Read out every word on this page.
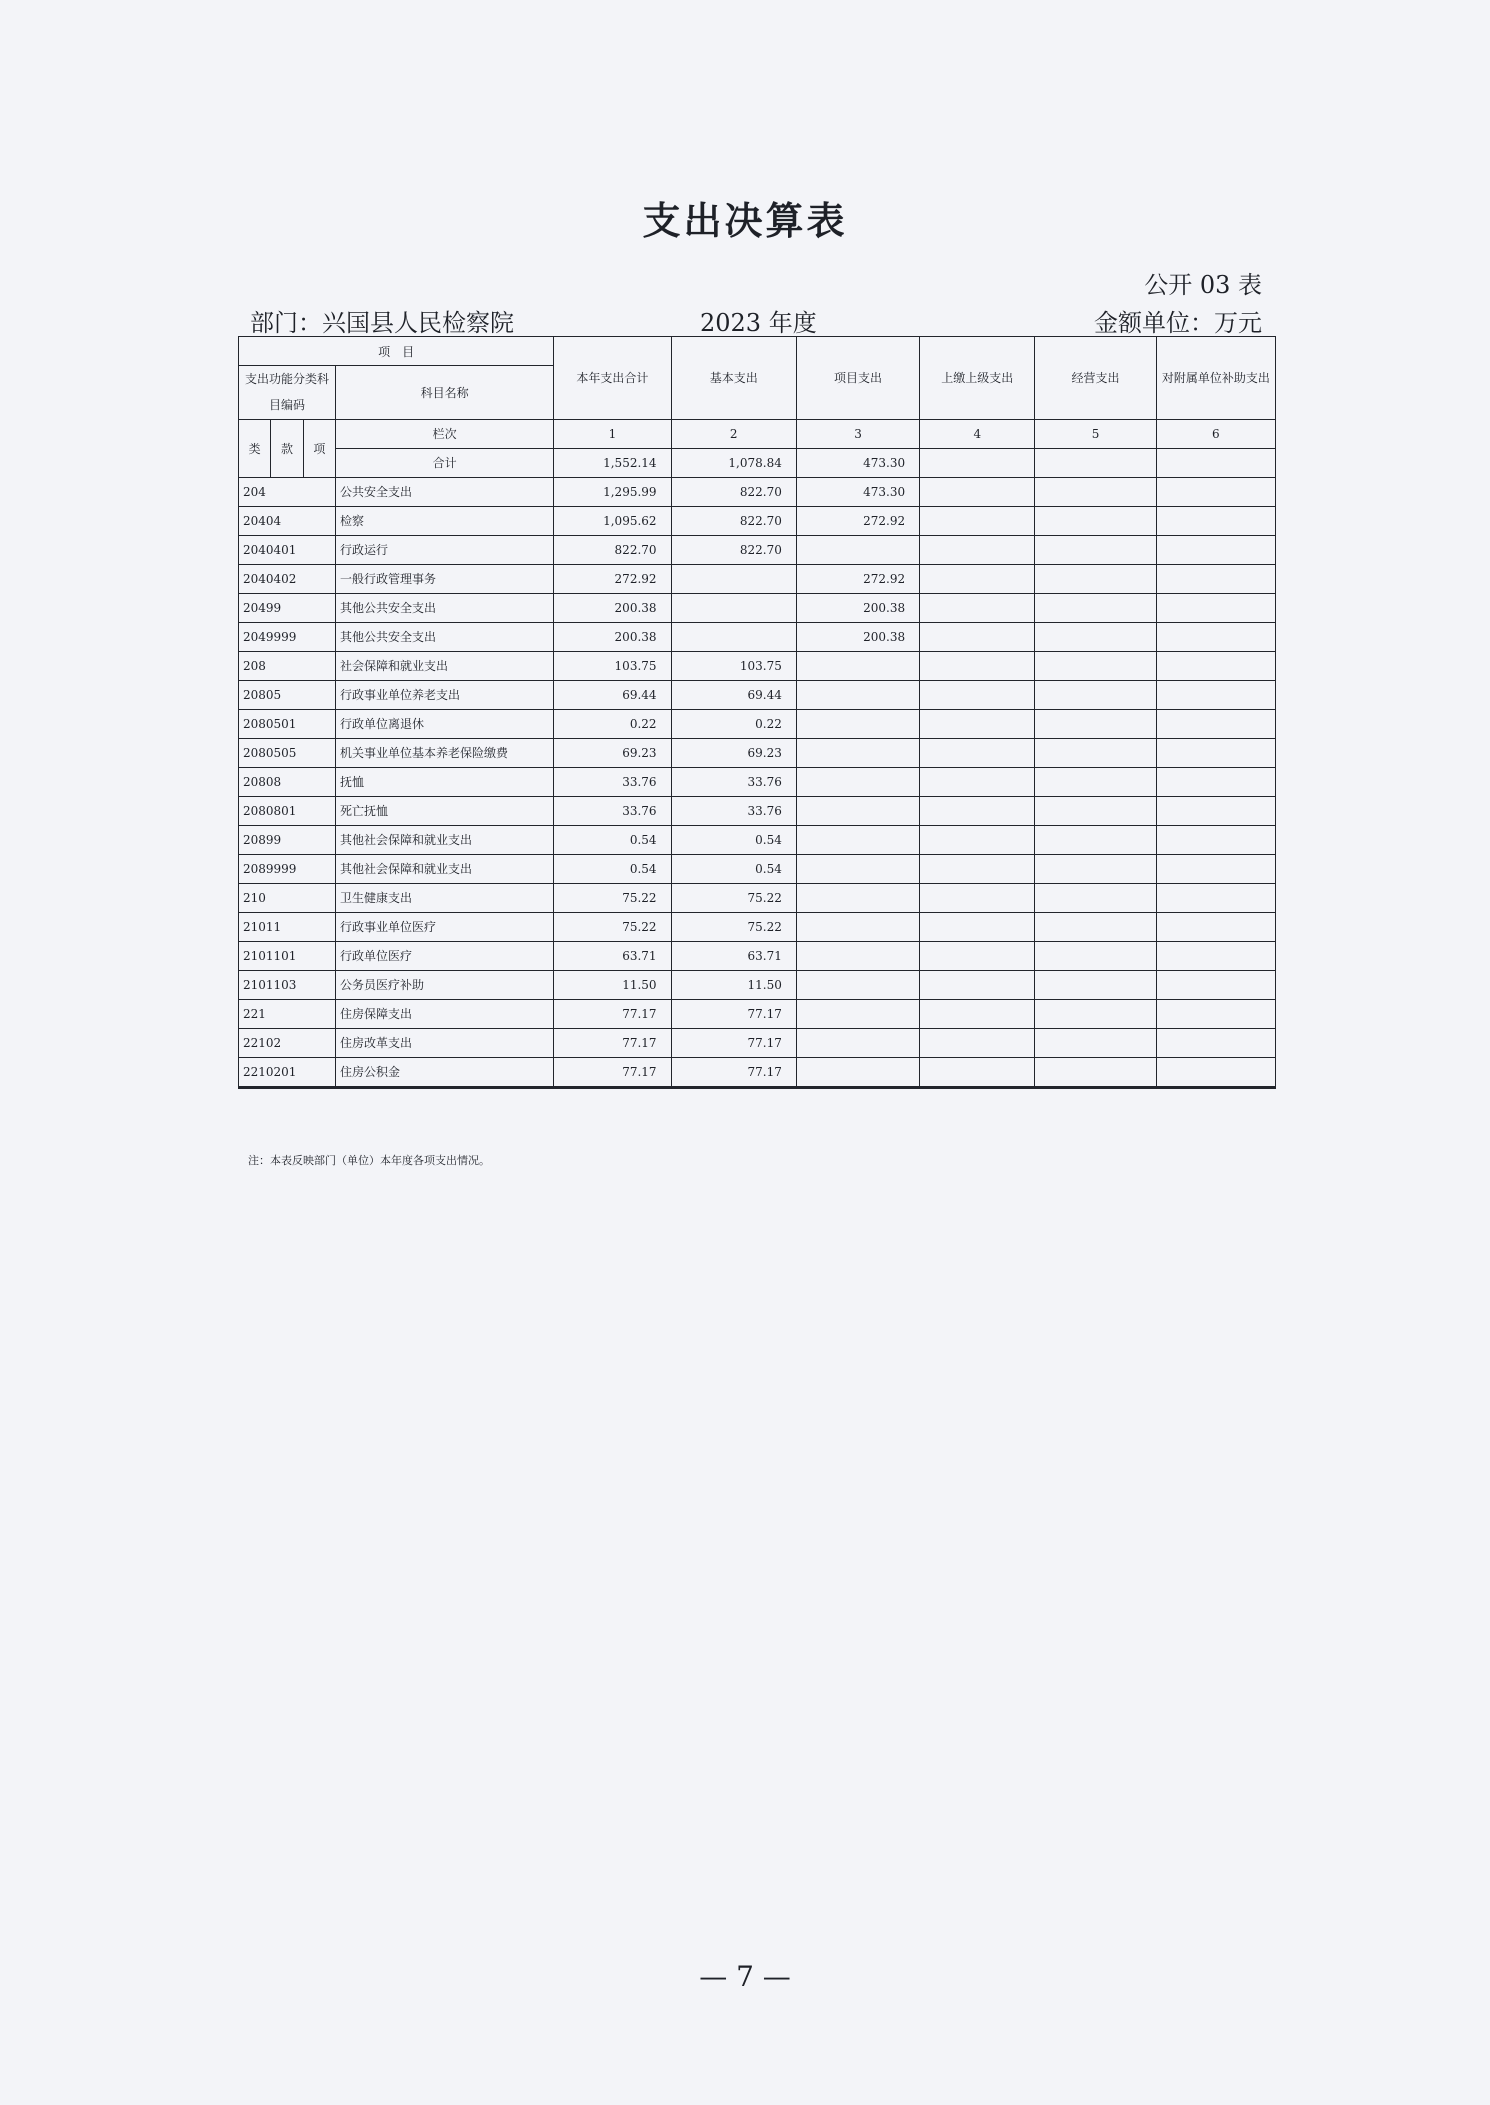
支出决算表
公开 03 表
部门：兴国县人民检察院	2023 年度	金额单位：万元
项　目				本年支出合计	基本支出	项目支出	上缴上级支出	经营支出	对附属单位补助支出
支出功能分类科目编码			科目名称						
类	款	项	栏次	1	2	3	4	5	6
			合计	1,552.14	1,078.84	473.30			
204			公共安全支出	1,295.99	822.70	473.30			
20404			检察	1,095.62	822.70	272.92			
2040401			行政运行	822.70	822.70				
2040402			一般行政管理事务	272.92		272.92			
20499			其他公共安全支出	200.38		200.38			
2049999			其他公共安全支出	200.38		200.38			
208			社会保障和就业支出	103.75	103.75				
20805			行政事业单位养老支出	69.44	69.44				
2080501			行政单位离退休	0.22	0.22				
2080505			机关事业单位基本养老保险缴费	69.23	69.23				
20808			抚恤	33.76	33.76				
2080801			死亡抚恤	33.76	33.76				
20899			其他社会保障和就业支出	0.54	0.54				
2089999			其他社会保障和就业支出	0.54	0.54				
210			卫生健康支出	75.22	75.22				
21011			行政事业单位医疗	75.22	75.22				
2101101			行政单位医疗	63.71	63.71				
2101103			公务员医疗补助	11.50	11.50				
221			住房保障支出	77.17	77.17				
22102			住房改革支出	77.17	77.17				
2210201			住房公积金	77.17	77.17				
注：本表反映部门（单位）本年度各项支出情况。
— 7 —
